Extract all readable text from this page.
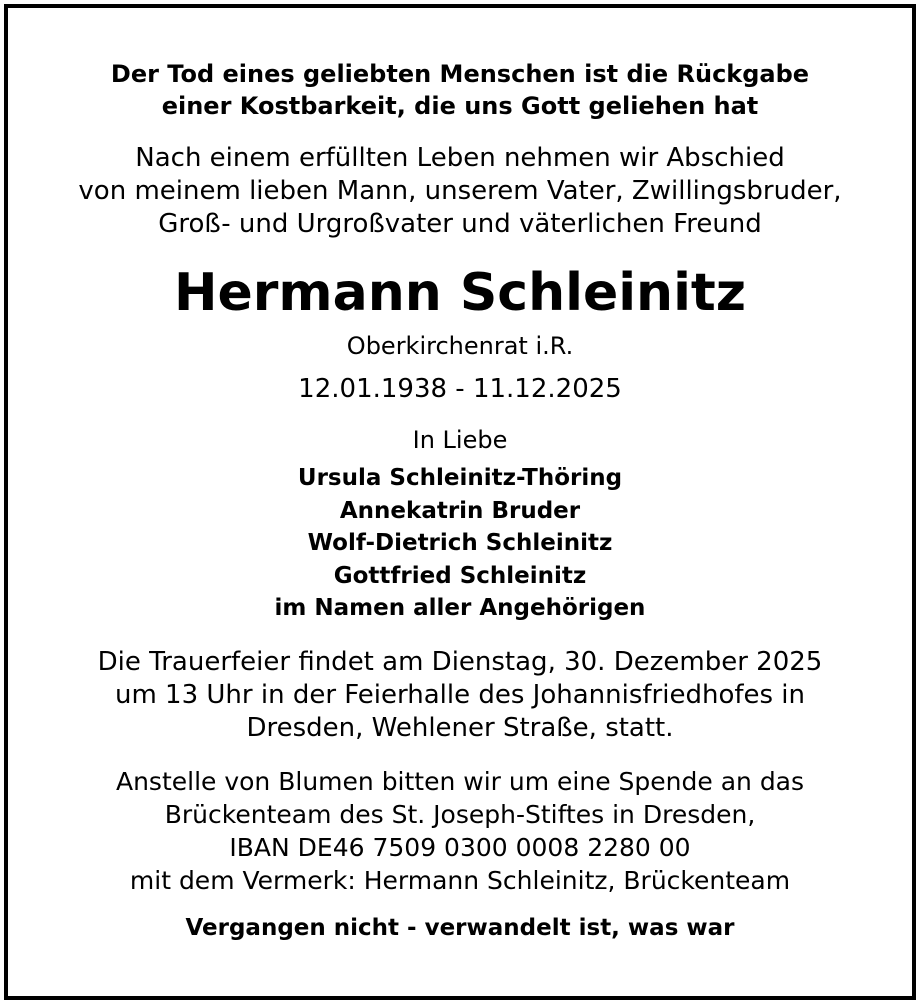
Der Tod eines geliebten Menschen ist die Rückgabe
einer Kostbarkeit, die uns Gott geliehen hat
Nach einem erfüllten Leben nehmen wir Abschied
von meinem lieben Mann, unserem Vater, Zwillingsbruder,
Groß- und Urgroßvater und väterlichen Freund
Hermann Schleinitz
Oberkirchenrat i.R.
12.01.1938 - 11.12.2025
In Liebe
Ursula Schleinitz-Thöring
Annekatrin Bruder
Wolf-Dietrich Schleinitz
Gottfried Schleinitz
im Namen aller Angehörigen
Die Trauerfeier findet am Dienstag, 30. Dezember 2025
um 13 Uhr in der Feierhalle des Johannisfriedhofes in
Dresden, Wehlener Straße, statt.
Anstelle von Blumen bitten wir um eine Spende an das
Brückenteam des St. Joseph-Stiftes in Dresden,
IBAN DE46 7509 0300 0008 2280 00
mit dem Vermerk: Hermann Schleinitz, Brückenteam
Vergangen nicht - verwandelt ist, was war
